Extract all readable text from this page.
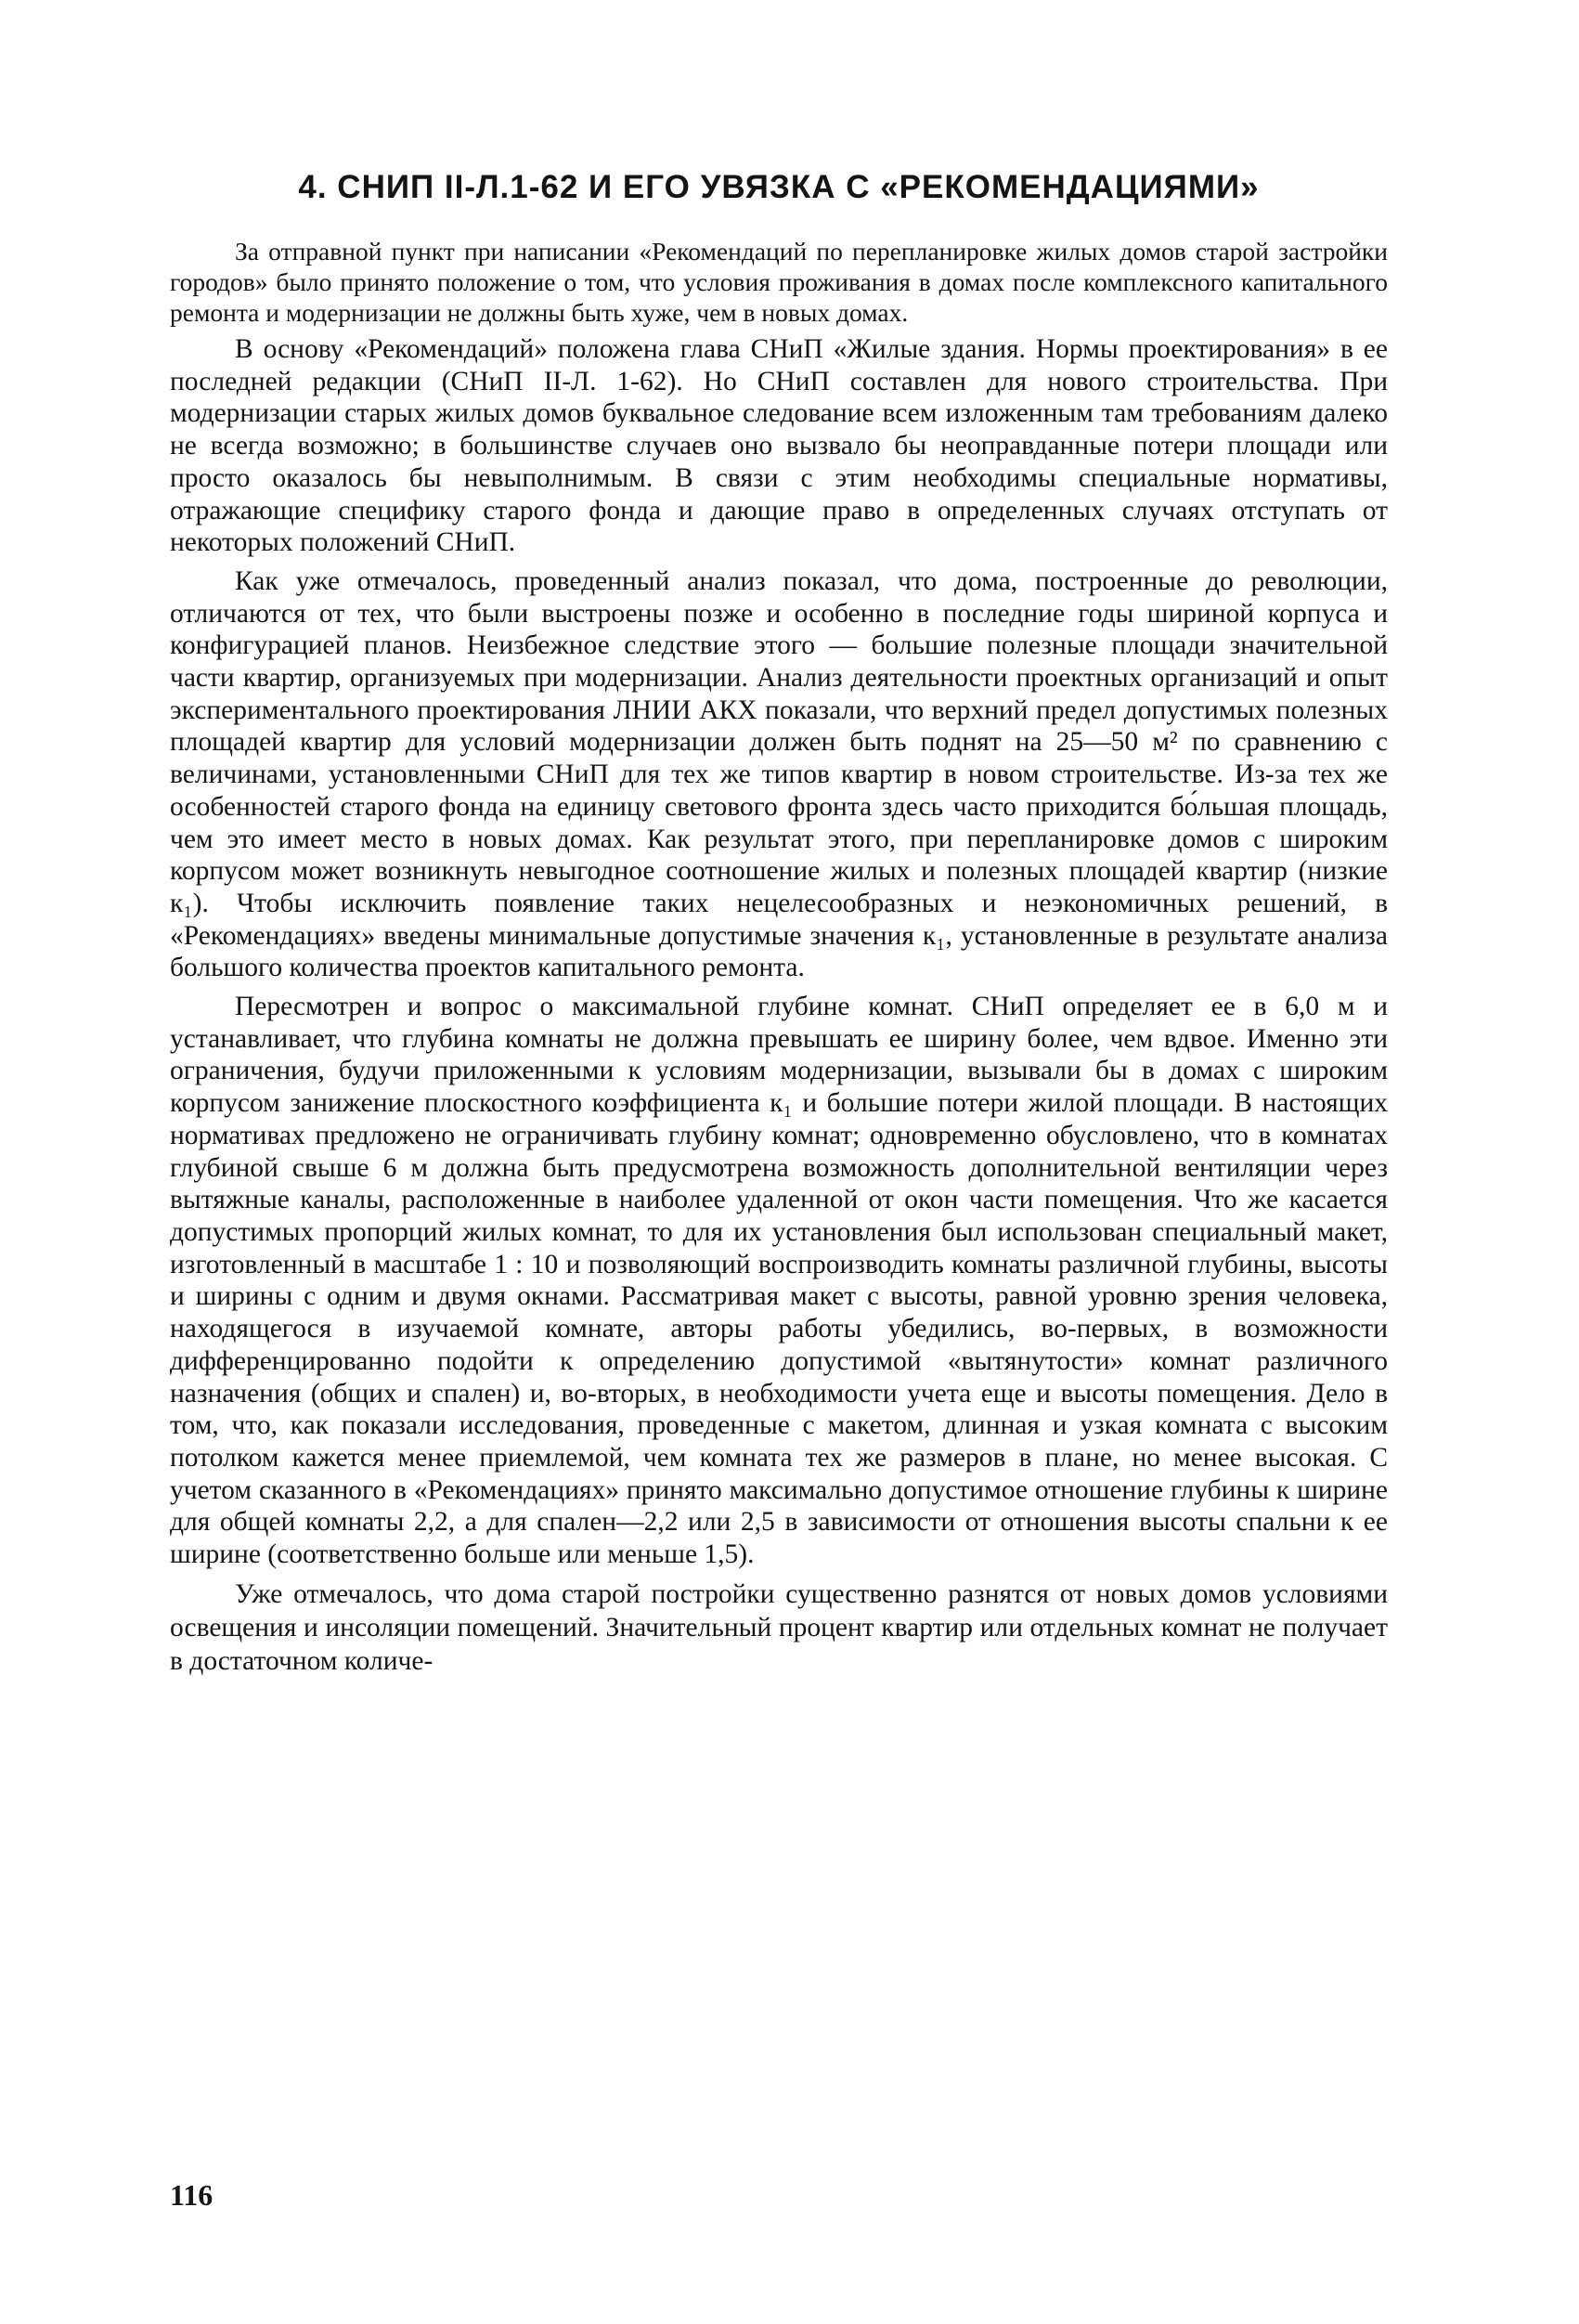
4. СНИП II-Л.1-62 И ЕГО УВЯЗКА С «РЕКОМЕНДАЦИЯМИ»

За отправной пункт при написании «Рекомендаций по перепланировке жилых домов старой застройки городов» было принято положение о том, что условия проживания в домах после комплексного капитального ремонта и модернизации не должны быть хуже, чем в новых домах.

В основу «Рекомендаций» положена глава СНиП «Жилые здания. Нормы проектирования» в ее последней редакции (СНиП II-Л. 1-62). Но СНиП составлен для нового строительства. При модернизации старых жилых домов буквальное следование всем изложенным там требованиям далеко не всегда возможно; в большинстве случаев оно вызвало бы неоправданные потери площади или просто оказалось бы невыполнимым. В связи с этим необходимы специальные нормативы, отражающие специфику старого фонда и дающие право в определенных случаях отступать от некоторых положений СНиП.

Как уже отмечалось, проведенный анализ показал, что дома, построенные до революции, отличаются от тех, что были выстроены позже и особенно в последние годы шириной корпуса и конфигурацией планов. Неизбежное следствие этого — большие полезные площади значительной части квартир, организуемых при модернизации. Анализ деятельности проектных организаций и опыт экспериментального проектирования ЛНИИ АКХ показали, что верхний предел допустимых полезных площадей квартир для условий модернизации должен быть поднят на 25—50 м² по сравнению с величинами, установленными СНиП для тех же типов квартир в новом строительстве. Из-за тех же особенностей старого фонда на единицу светового фронта здесь часто приходится бо́льшая площадь, чем это имеет место в новых домах. Как результат этого, при перепланировке домов с широким корпусом может возникнуть невыгодное соотношение жилых и полезных площадей квартир (низкие к₁). Чтобы исключить появление таких нецелесообразных и неэкономичных решений, в «Рекомендациях» введены минимальные допустимые значения к₁, установленные в результате анализа большого количества проектов капитального ремонта.

Пересмотрен и вопрос о максимальной глубине комнат. СНиП определяет ее в 6,0 м и устанавливает, что глубина комнаты не должна превышать ее ширину более, чем вдвое. Именно эти ограничения, будучи приложенными к условиям модернизации, вызывали бы в домах с широким корпусом занижение плоскостного коэффициента к₁ и большие потери жилой площади. В настоящих нормативах предложено не ограничивать глубину комнат; одновременно обусловлено, что в комнатах глубиной свыше 6 м должна быть предусмотрена возможность дополнительной вентиляции через вытяжные каналы, расположенные в наиболее удаленной от окон части помещения. Что же касается допустимых пропорций жилых комнат, то для их установления был использован специальный макет, изготовленный в масштабе 1 : 10 и позволяющий воспроизводить комнаты различной глубины, высоты и ширины с одним и двумя окнами. Рассматривая макет с высоты, равной уровню зрения человека, находящегося в изучаемой комнате, авторы работы убедились, во-первых, в возможности дифференцированно подойти к определению допустимой «вытянутости» комнат различного назначения (общих и спален) и, во-вторых, в необходимости учета еще и высоты помещения. Дело в том, что, как показали исследования, проведенные с макетом, длинная и узкая комната с высоким потолком кажется менее приемлемой, чем комната тех же размеров в плане, но менее высокая. С учетом сказанного в «Рекомендациях» принято максимально допустимое отношение глубины к ширине для общей комнаты 2,2, а для спален—2,2 или 2,5 в зависимости от отношения высоты спальни к ее ширине (соответственно больше или меньше 1,5).

Уже отмечалось, что дома старой постройки существенно разнятся от новых домов условиями освещения и инсоляции помещений. Значительный процент квартир или отдельных комнат не получает в достаточном количе-

116
